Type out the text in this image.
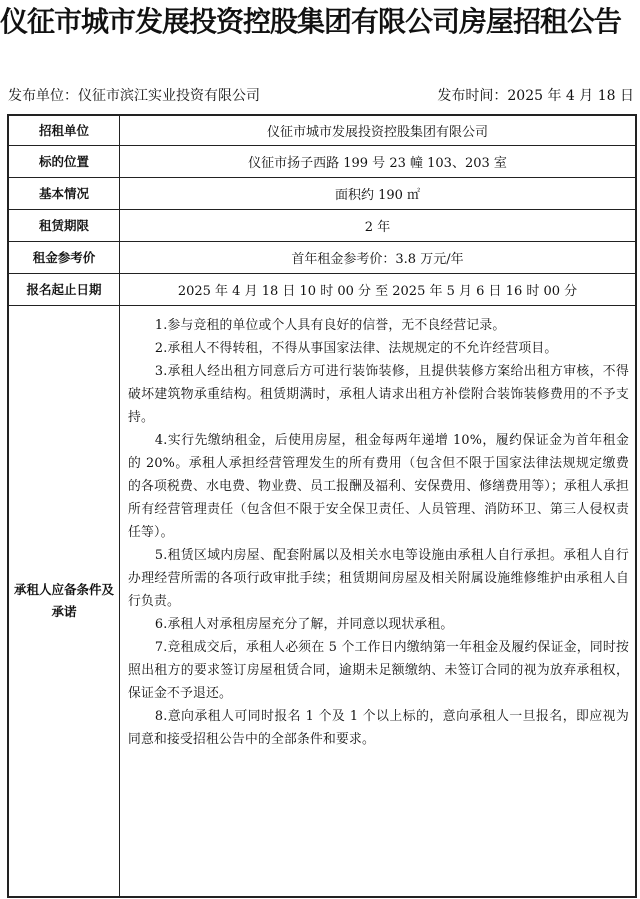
仪征市城市发展投资控股集团有限公司房屋招租公告
发布单位：仪征市滨江实业投资有限公司	发布时间：2025 年 4 月 18 日
招租单位	仪征市城市发展投资控股集团有限公司
标的位置	仪征市扬子西路 199 号 23 幢 103、203 室
基本情况	面积约 190 ㎡
租赁期限	2 年
租金参考价	首年租金参考价：3.8 万元/年
报名起止日期	2025 年 4 月 18 日 10 时 00 分 至 2025 年 5 月 6 日 16 时 00 分
承租人应备条件及承诺

1.参与竞租的单位或个人具有良好的信誉，无不良经营记录。

2.承租人不得转租，不得从事国家法律、法规规定的不允许经营项目。

3.承租人经出租方同意后方可进行装饰装修，且提供装修方案给出租方审核，不得破坏建筑物承重结构。租赁期满时，承租人请求出租方补偿附合装饰装修费用的不予支持。

4.实行先缴纳租金，后使用房屋，租金每两年递增 10%，履约保证金为首年租金的 20%。承租人承担经营管理发生的所有费用（包含但不限于国家法律法规规定缴费的各项税费、水电费、物业费、员工报酬及福利、安保费用、修缮费用等）；承租人承担所有经营管理责任（包含但不限于安全保卫责任、人员管理、消防环卫、第三人侵权责任等）。

5.租赁区域内房屋、配套附属以及相关水电等设施由承租人自行承担。承租人自行办理经营所需的各项行政审批手续；租赁期间房屋及相关附属设施维修维护由承租人自行负责。

6.承租人对承租房屋充分了解，并同意以现状承租。

7.竞租成交后，承租人必须在 5 个工作日内缴纳第一年租金及履约保证金，同时按照出租方的要求签订房屋租赁合同，逾期未足额缴纳、未签订合同的视为放弃承租权，保证金不予退还。

8.意向承租人可同时报名 1 个及 1 个以上标的，意向承租人一旦报名，即应视为同意和接受招租公告中的全部条件和要求。
